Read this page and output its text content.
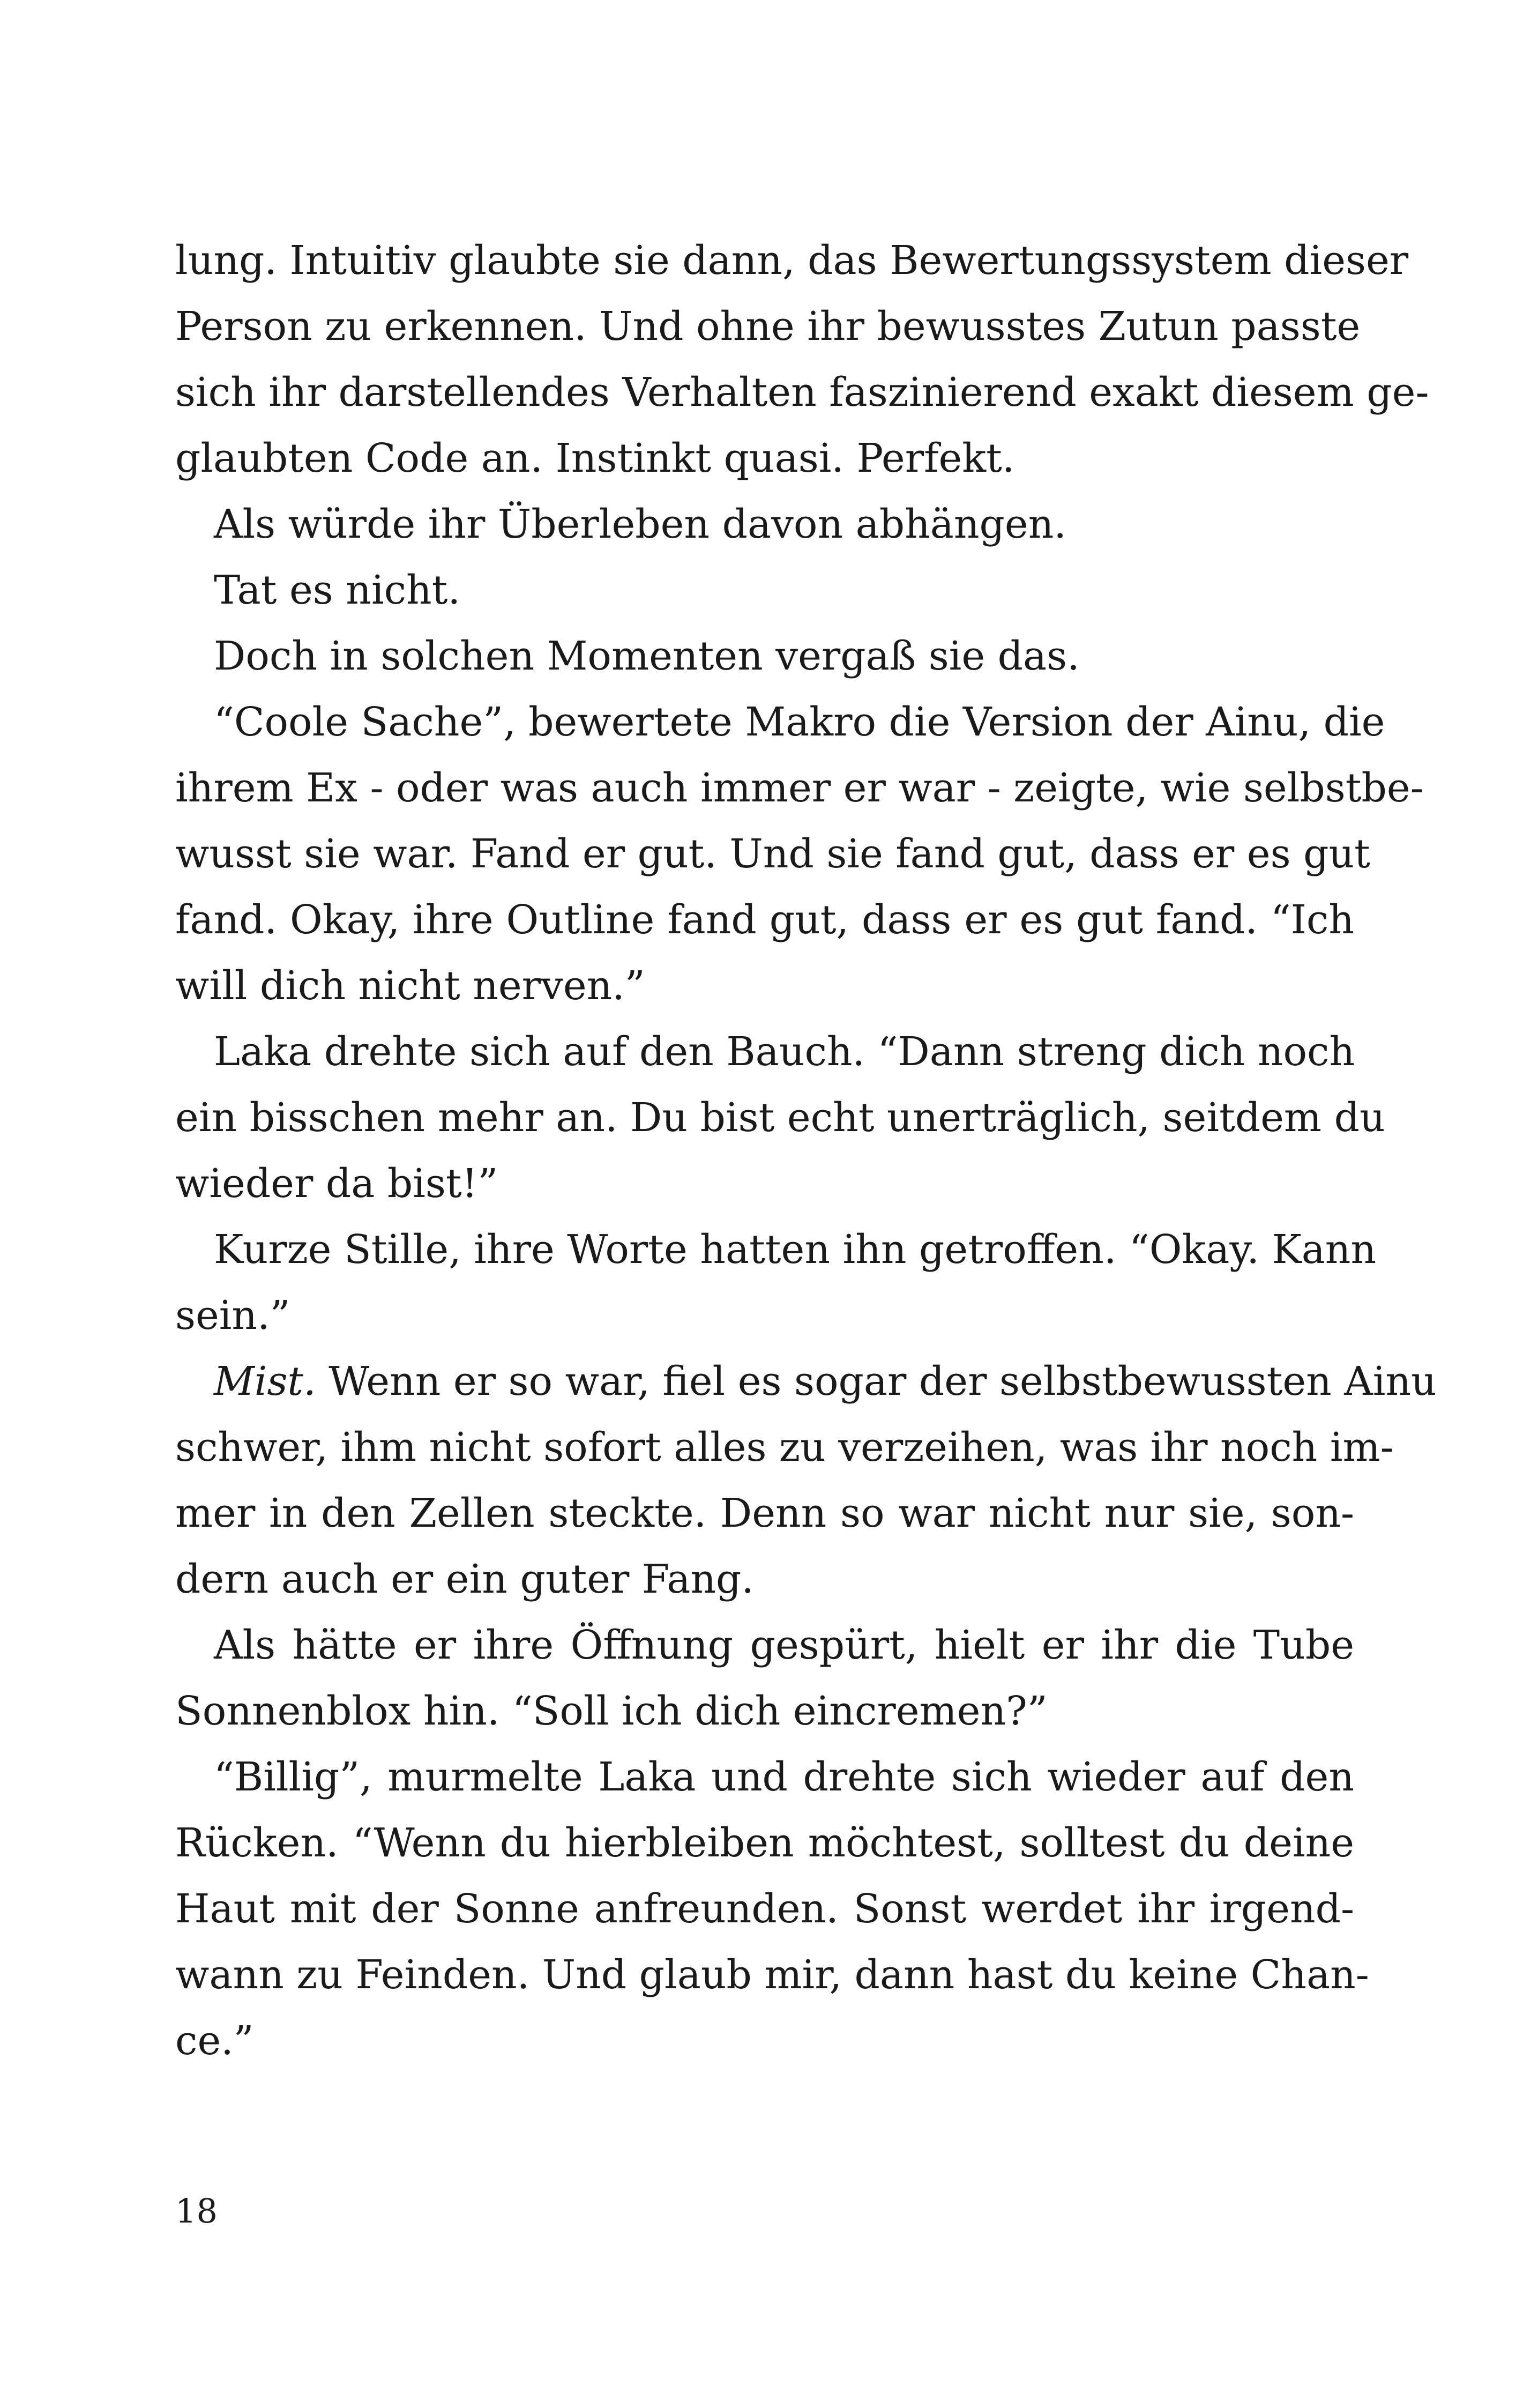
lung. Intuitiv glaubte sie dann, das Bewertungssystem dieser
Person zu erkennen. Und ohne ihr bewusstes Zutun passte
sich ihr darstellendes Verhalten faszinierend exakt diesem ge-
glaubten Code an. Instinkt quasi. Perfekt.
Als würde ihr Überleben davon abhängen.
Tat es nicht.
Doch in solchen Momenten vergaß sie das.
“Coole Sache”, bewertete Makro die Version der Ainu, die
ihrem Ex - oder was auch immer er war - zeigte, wie selbstbe-
wusst sie war. Fand er gut. Und sie fand gut, dass er es gut
fand. Okay, ihre Outline fand gut, dass er es gut fand. “Ich
will dich nicht nerven.”
Laka drehte sich auf den Bauch. “Dann streng dich noch
ein bisschen mehr an. Du bist echt unerträglich, seitdem du
wieder da bist!”
Kurze Stille, ihre Worte hatten ihn getroffen. “Okay. Kann
sein.”
Mist. Wenn er so war, fiel es sogar der selbstbewussten Ainu
schwer, ihm nicht sofort alles zu verzeihen, was ihr noch im-
mer in den Zellen steckte. Denn so war nicht nur sie, son-
dern auch er ein guter Fang.
Als hätte er ihre Öffnung gespürt, hielt er ihr die Tube
Sonnenblox hin. “Soll ich dich eincremen?”
“Billig”, murmelte Laka und drehte sich wieder auf den
Rücken. “Wenn du hierbleiben möchtest, solltest du deine
Haut mit der Sonne anfreunden. Sonst werdet ihr irgend-
wann zu Feinden. Und glaub mir, dann hast du keine Chan-
ce.”
18
